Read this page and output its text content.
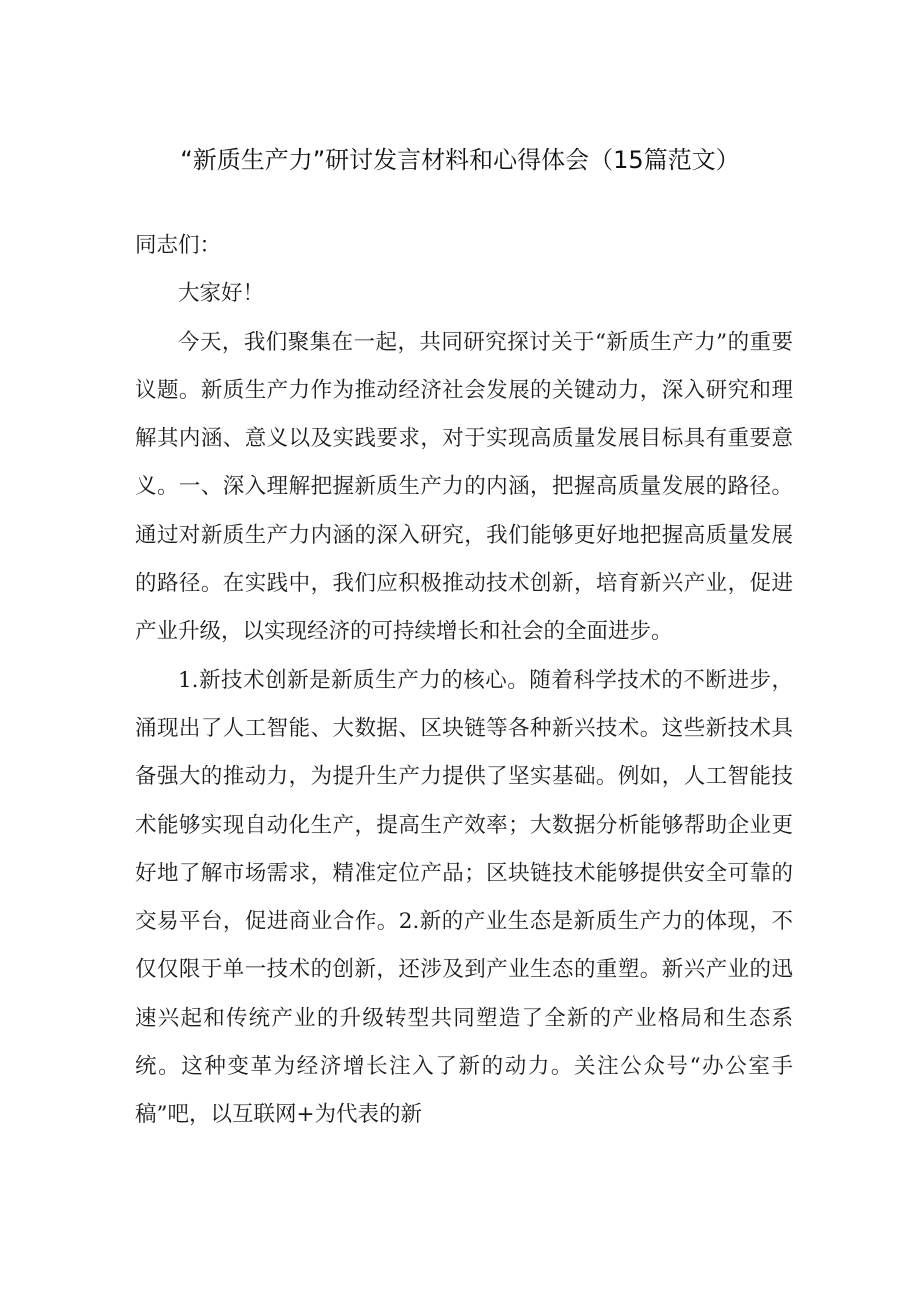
“新质生产力”研讨发言材料和心得体会（15篇范文）

同志们：

大家好！

今天，我们聚集在一起，共同研究探讨关于“新质生产力”的重要议题。新质生产力作为推动经济社会发展的关键动力，深入研究和理解其内涵、意义以及实践要求，对于实现高质量发展目标具有重要意义。一、深入理解把握新质生产力的内涵，把握高质量发展的路径。通过对新质生产力内涵的深入研究，我们能够更好地把握高质量发展的路径。在实践中，我们应积极推动技术创新，培育新兴产业，促进产业升级，以实现经济的可持续增长和社会的全面进步。

1.新技术创新是新质生产力的核心。随着科学技术的不断进步，涌现出了人工智能、大数据、区块链等各种新兴技术。这些新技术具备强大的推动力，为提升生产力提供了坚实基础。例如，人工智能技术能够实现自动化生产，提高生产效率；大数据分析能够帮助企业更好地了解市场需求，精准定位产品；区块链技术能够提供安全可靠的交易平台，促进商业合作。2.新的产业生态是新质生产力的体现，不仅仅限于单一技术的创新，还涉及到产业生态的重塑。新兴产业的迅速兴起和传统产业的升级转型共同塑造了全新的产业格局和生态系统。这种变革为经济增长注入了新的动力。关注公众号“办公室手稿”吧，以互联网+为代表的新
